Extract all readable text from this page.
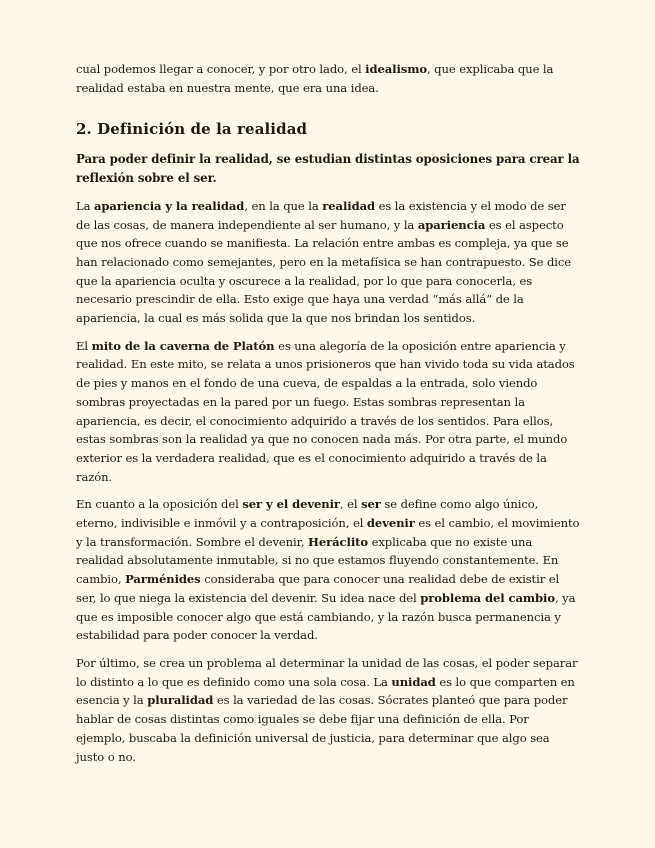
cual podemos llegar a conocer, y por otro lado, el idealismo, que explicaba que la realidad estaba en nuestra mente, que era una idea.

2. Definición de la realidad

Para poder definir la realidad, se estudian distintas oposiciones para crear la reflexión sobre el ser.

La apariencia y la realidad, en la que la realidad es la existencia y el modo de ser de las cosas, de manera independiente al ser humano, y la apariencia es el aspecto que nos ofrece cuando se manifiesta. La relación entre ambas es compleja, ya que se han relacionado como semejantes, pero en la metafísica se han contrapuesto. Se dice que la apariencia oculta y oscurece a la realidad, por lo que para conocerla, es necesario prescindir de ella. Esto exige que haya una verdad “más allá” de la apariencia, la cual es más solida que la que nos brindan los sentidos.

El mito de la caverna de Platón es una alegoría de la oposición entre apariencia y realidad. En este mito, se relata a unos prisioneros que han vivido toda su vida atados de pies y manos en el fondo de una cueva, de espaldas a la entrada, solo viendo sombras proyectadas en la pared por un fuego. Estas sombras representan la apariencia, es decir, el conocimiento adquirido a través de los sentidos. Para ellos, estas sombras son la realidad ya que no conocen nada más. Por otra parte, el mundo exterior es la verdadera realidad, que es el conocimiento adquirido a través de la razón.

En cuanto a la oposición del ser y el devenir, el ser se define como algo único, eterno, indivisible e inmóvil y a contraposición, el devenir es el cambio, el movimiento y la transformación. Sombre el devenir, Heráclito explicaba que no existe una realidad absolutamente inmutable, si no que estamos fluyendo constantemente. En cambio, Parménides consideraba que para conocer una realidad debe de existir el ser, lo que niega la existencia del devenir. Su idea nace del problema del cambio, ya que es imposible conocer algo que está cambiando, y la razón busca permanencia y estabilidad para poder conocer la verdad.

Por último, se crea un problema al determinar la unidad de las cosas, el poder separar lo distinto a lo que es definido como una sola cosa. La unidad es lo que comparten en esencia y la pluralidad es la variedad de las cosas. Sócrates planteó que para poder hablar de cosas distintas como iguales se debe fijar una definición de ella. Por ejemplo, buscaba la definición universal de justicia, para determinar que algo sea justo o no.
